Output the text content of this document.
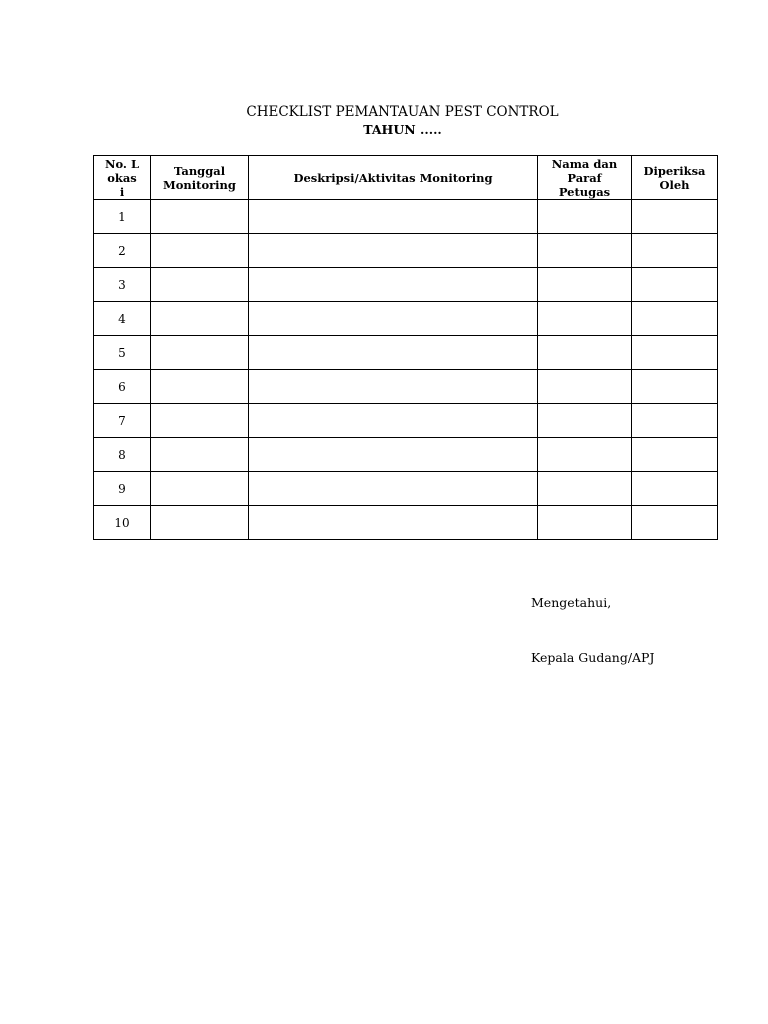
CHECKLIST PEMANTAUAN PEST CONTROL
TAHUN .....
No. Lokas i	Tanggal Monitoring	Deskripsi/Aktivitas Monitoring	Nama dan Paraf Petugas	Diperiksa Oleh

1				
2				
3				
4				
5				
6				
7				
8				
9				
10				
Mengetahui,
Kepala Gudang/APJ
